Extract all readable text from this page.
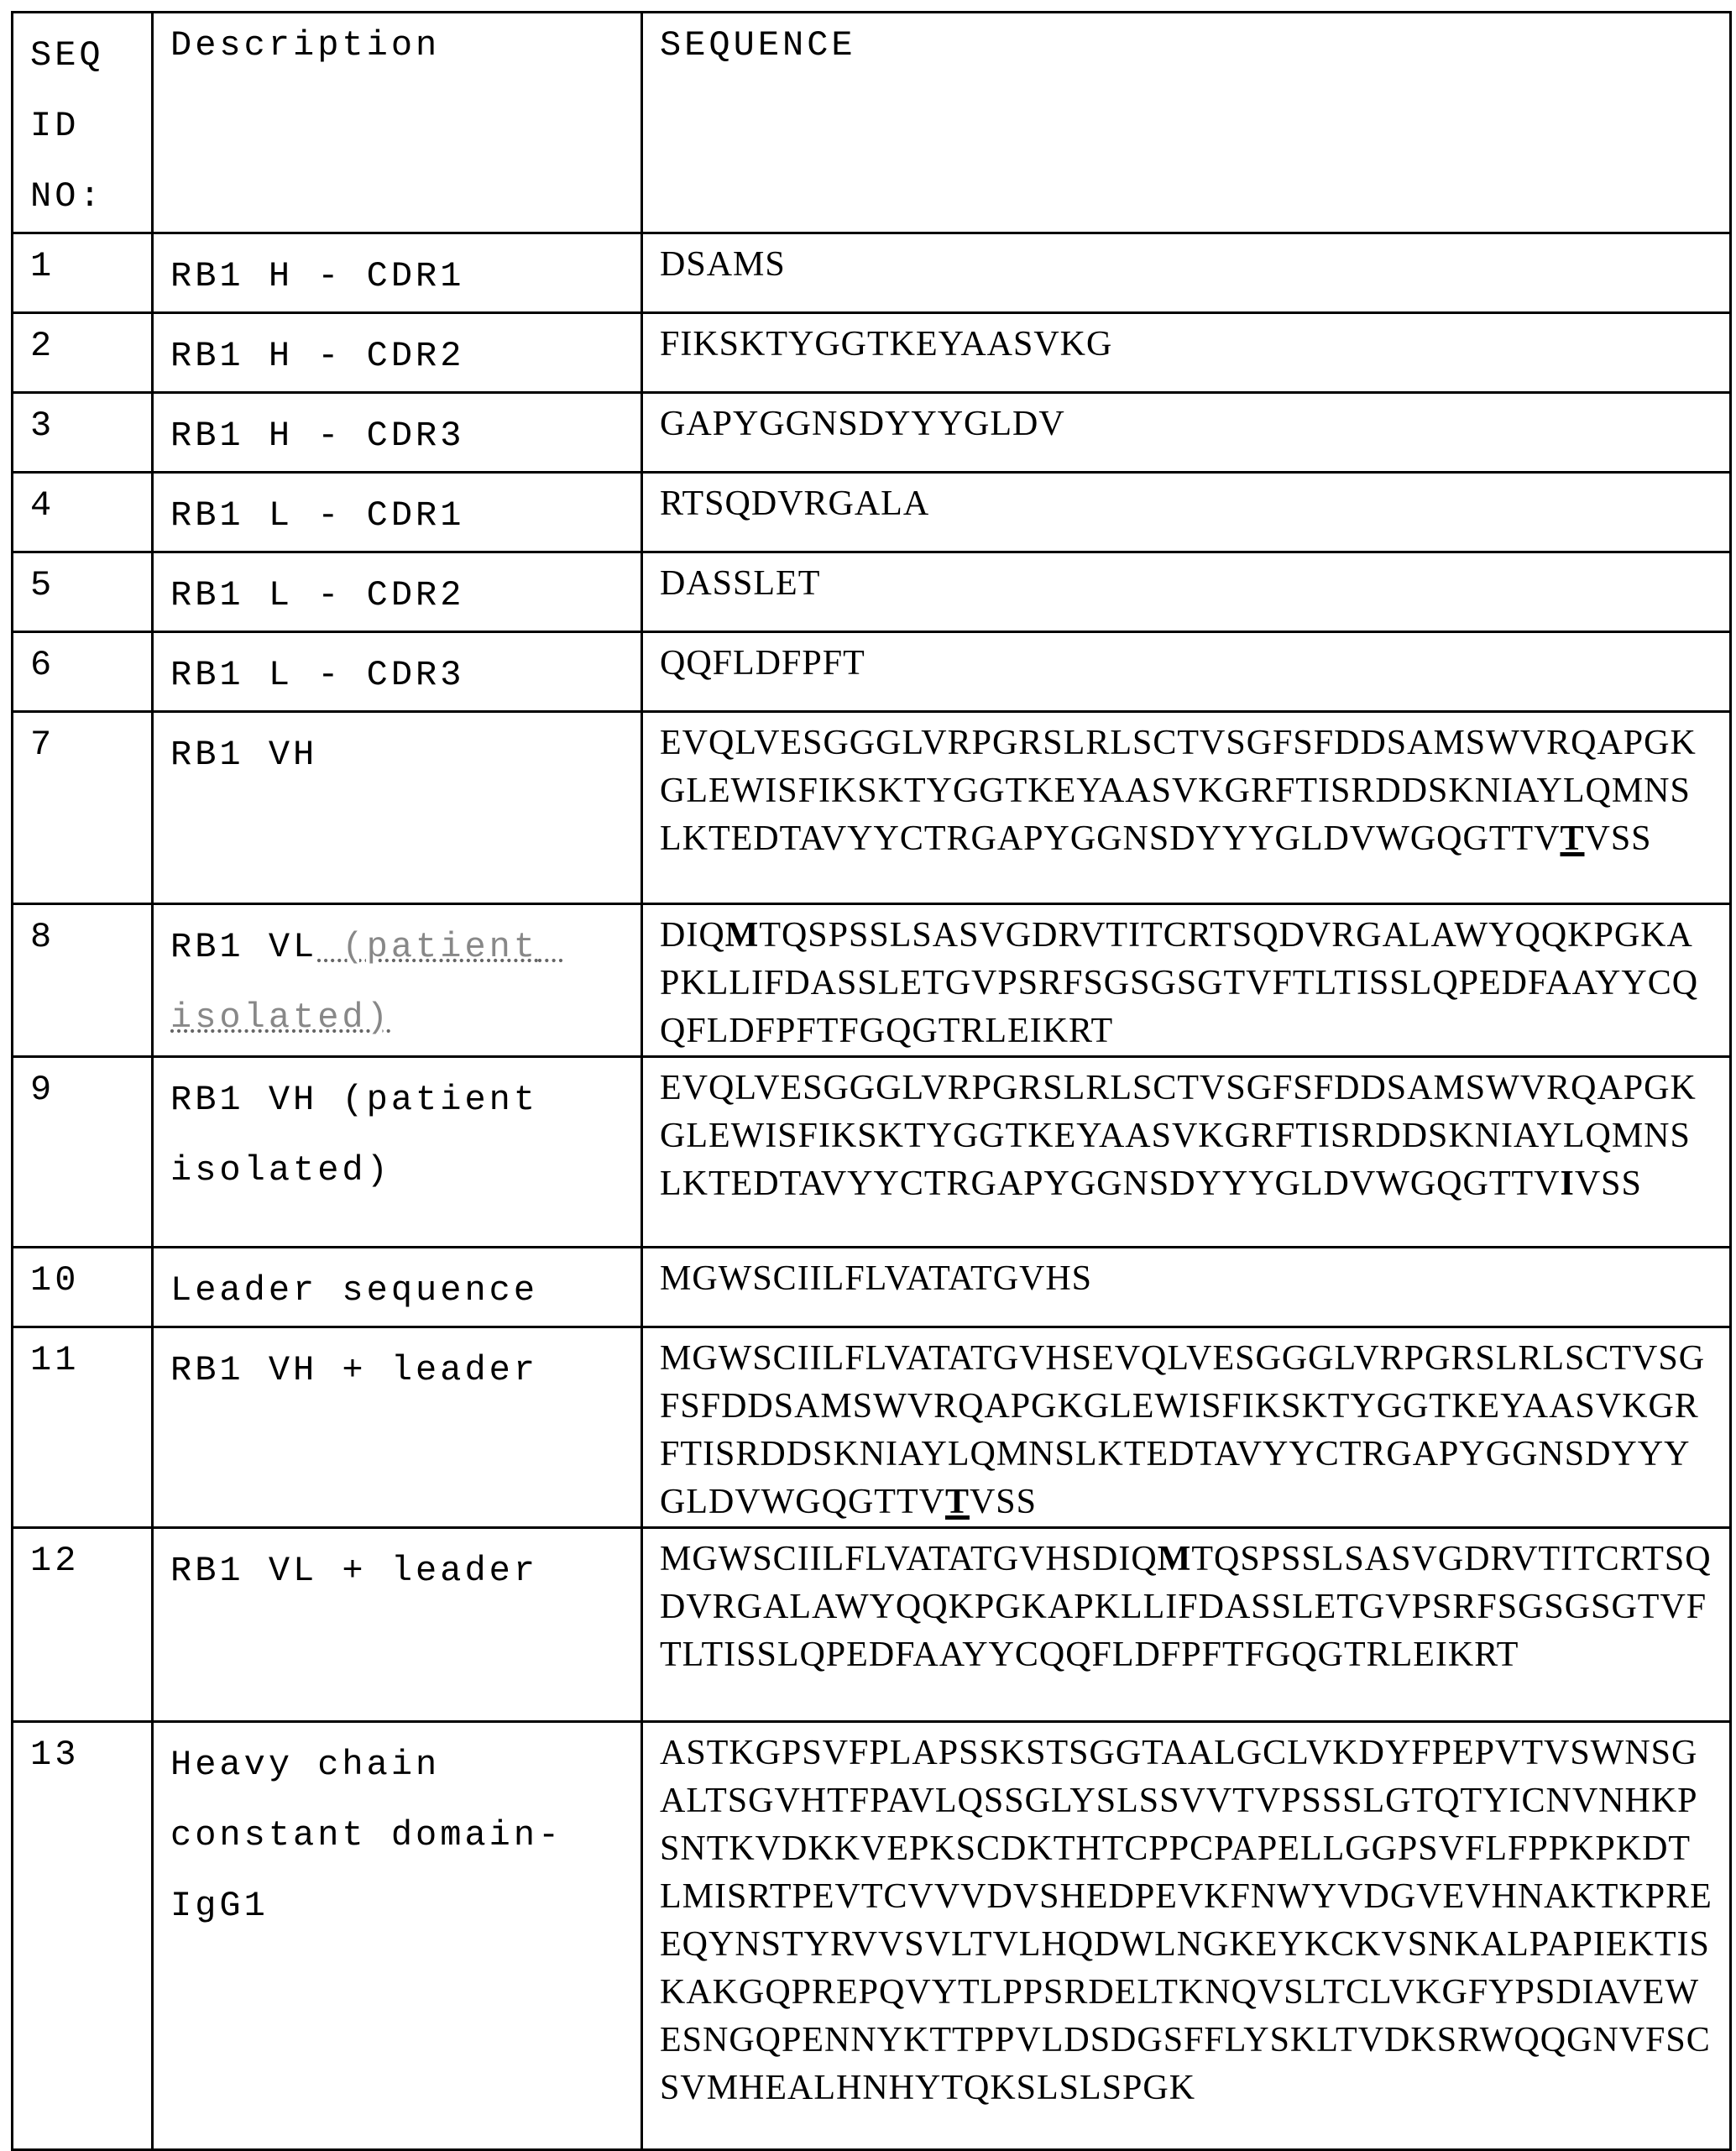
SEQ ID NO:

Description	SEQUENCE

1	RB1 H - CDR1	DSAMS

2	RB1 H - CDR2	FIKSKTYGGTKEYAASVKG

3	RB1 H - CDR3	GAPYGGNSDYYYGLDV

4	RB1 L - CDR1	RTSQDVRGALA

5	RB1 L - CDR2	DASSLET

6	RB1 L - CDR3	QQFLDFPFT

7	RB1 VH	EVQLVESGGGLVRPGRSLRLSCTVSGFSFDDSAMSWVRQAPGKGLEWISFIKSKTYGGTKEYAASVKGRFTISRDDSKNIAYLQMNSLKTEDTAVYYCTRGAPYGGNSDYYYGLDVWGQGTTVTVSS

8	RB1 VL (patient isolated)

DIQMTQSPSSLSASVGDRVTITCRTSQDVRGALAWYQQKPGKAPKLLIFDASSLETGVPSRFSGSGSGTVFTLTISSLQPEDFAAYYCQQFLDFPFTFGQGTRLEIKRT

9	RB1 VH (patient isolated)

EVQLVESGGGLVRPGRSLRLSCTVSGFSFDDSAMSWVRQAPGKGLEWISFIKSKTYGGTKEYAASVKGRFTISRDDSKNIAYLQMNSLKTEDTAVYYCTRGAPYGGNSDYYYGLDVWGQGTTVIVSS

10	Leader sequence	MGWSCIILFLVATATGVHS

11	RB1 VH + leader	MGWSCIILFLVATATGVHSEVQLVESGGGLVRPGRSLRLSCTVSGFSFDDSAMSWVRQAPGKGLEWISFIKSKTYGGTKEYAASVKGRFTISRDDSKNIAYLQMNSLKTEDTAVYYCTRGAPYGGNSDYYYGLDVWGQGTTVTVSS

12	RB1 VL + leader	MGWSCIILFLVATATGVHSDIQMTQSPSSLSASVGDRVTITCRTSQDVRGALAWYQQKPGKAPKLLIFDASSLETGVPSRFSGSGSGTVFTLTISSLQPEDFAAYYCQQFLDFPFTFGQGTRLEIKRT

13	Heavy chain constant domain-IgG1

ASTKGPSVFPLAPSSKSTSGGTAALGCLVKDYFPEPVTVSWNSGALTSGVHTFPAVLQSSGLYSLSSVVTVPSSSLGTQTYICNVNHKPSNTKVDKKVEPKSCDKTHTCPPCPAPELLGGPSVFLFPPKPKDTLMISRTPEVTCVVVDVSHEDPEVKFNWYVDGVEVHNAKTKPREEQYNSTYRVVSVLTVLHQDWLNGKEYKCKVSNKALPAPIEKTISKAKGQPREPQVYTLPPSRDELTKNQVSLTCLVKGFYPSDIAVEWESNGQPENNYKTTPPVLDSDGSFFLYSKLTVDKSRWQQGNVFSCSVMHEALHNHYTQKSLSLSPGK
